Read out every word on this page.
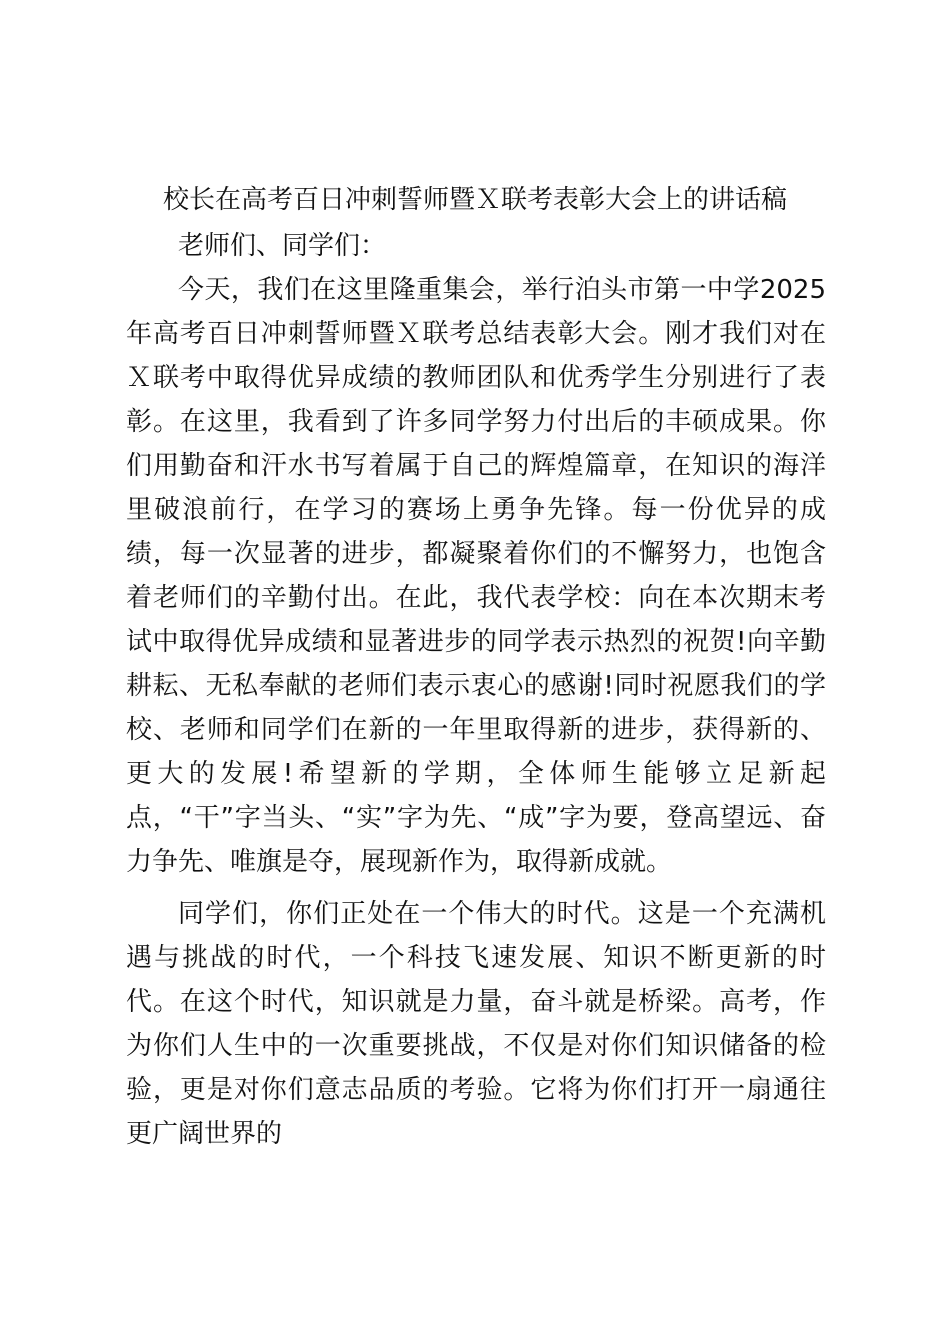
校长在高考百日冲刺誓师暨Ｘ联考表彰大会上的讲话稿

老师们、同学们：

今天，我们在这里隆重集会，举行泊头市第一中学2025年高考百日冲刺誓师暨Ｘ联考总结表彰大会。刚才我们对在Ｘ联考中取得优异成绩的教师团队和优秀学生分别进行了表彰。在这里，我看到了许多同学努力付出后的丰硕成果。你们用勤奋和汗水书写着属于自己的辉煌篇章，在知识的海洋里破浪前行，在学习的赛场上勇争先锋。每一份优异的成绩，每一次显著的进步，都凝聚着你们的不懈努力，也饱含着老师们的辛勤付出。在此，我代表学校：向在本次期末考试中取得优异成绩和显著进步的同学表示热烈的祝贺!向辛勤耕耘、无私奉献的老师们表示衷心的感谢!同时祝愿我们的学校、老师和同学们在新的一年里取得新的进步，获得新的、更大的发展!希望新的学期，全体师生能够立足新起点，“干”字当头、“实”字为先、“成”字为要，登高望远、奋力争先、唯旗是夺，展现新作为，取得新成就。

同学们，你们正处在一个伟大的时代。这是一个充满机遇与挑战的时代，一个科技飞速发展、知识不断更新的时代。在这个时代，知识就是力量，奋斗就是桥梁。高考，作为你们人生中的一次重要挑战，不仅是对你们知识储备的检验，更是对你们意志品质的考验。它将为你们打开一扇通往更广阔世界的
